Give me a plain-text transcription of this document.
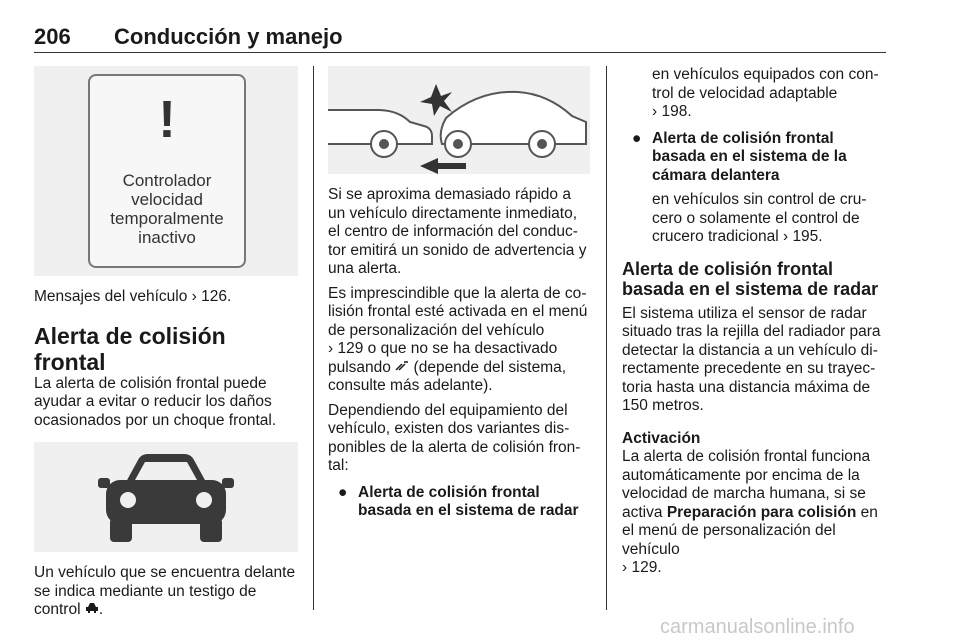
206 Conducción y manejo
!
Controlador
velocidad
temporalmente
inactivo

Mensajes del vehículo › 126.

Alerta de colisión frontal

La alerta de colisión frontal puede ayudar a evitar o reducir los daños ocasionados por un choque frontal.

Un vehículo que se encuentra delante se indica mediante un testigo de control .

Si se aproxima demasiado rápido a un vehículo directamente inmediato, el centro de información del conductor emitirá un sonido de advertencia y una alerta.

Es imprescindible que la alerta de colisión frontal esté activada en el menú de personalización del vehículo
› 129 o que no se ha desactivado pulsando  (depende del sistema, consulte más adelante).

Dependiendo del equipamiento del vehículo, existen dos variantes disponibles de la alerta de colisión frontal:

● Alerta de colisión frontal basada en el sistema de radar

en vehículos equipados con control de velocidad adaptable
› 198.

● Alerta de colisión frontal basada en el sistema de la cámara delantera

en vehículos sin control de crucero o solamente el control de crucero tradicional › 195.

Alerta de colisión frontal basada en el sistema de radar

El sistema utiliza el sensor de radar situado tras la rejilla del radiador para detectar la distancia a un vehículo directamente precedente en su trayectoria hasta una distancia máxima de 150 metros.

Activación

La alerta de colisión frontal funciona automáticamente por encima de la velocidad de marcha humana, si se activa Preparación para colisión en el menú de personalización del vehículo
› 129.

carmanualsonline.info
